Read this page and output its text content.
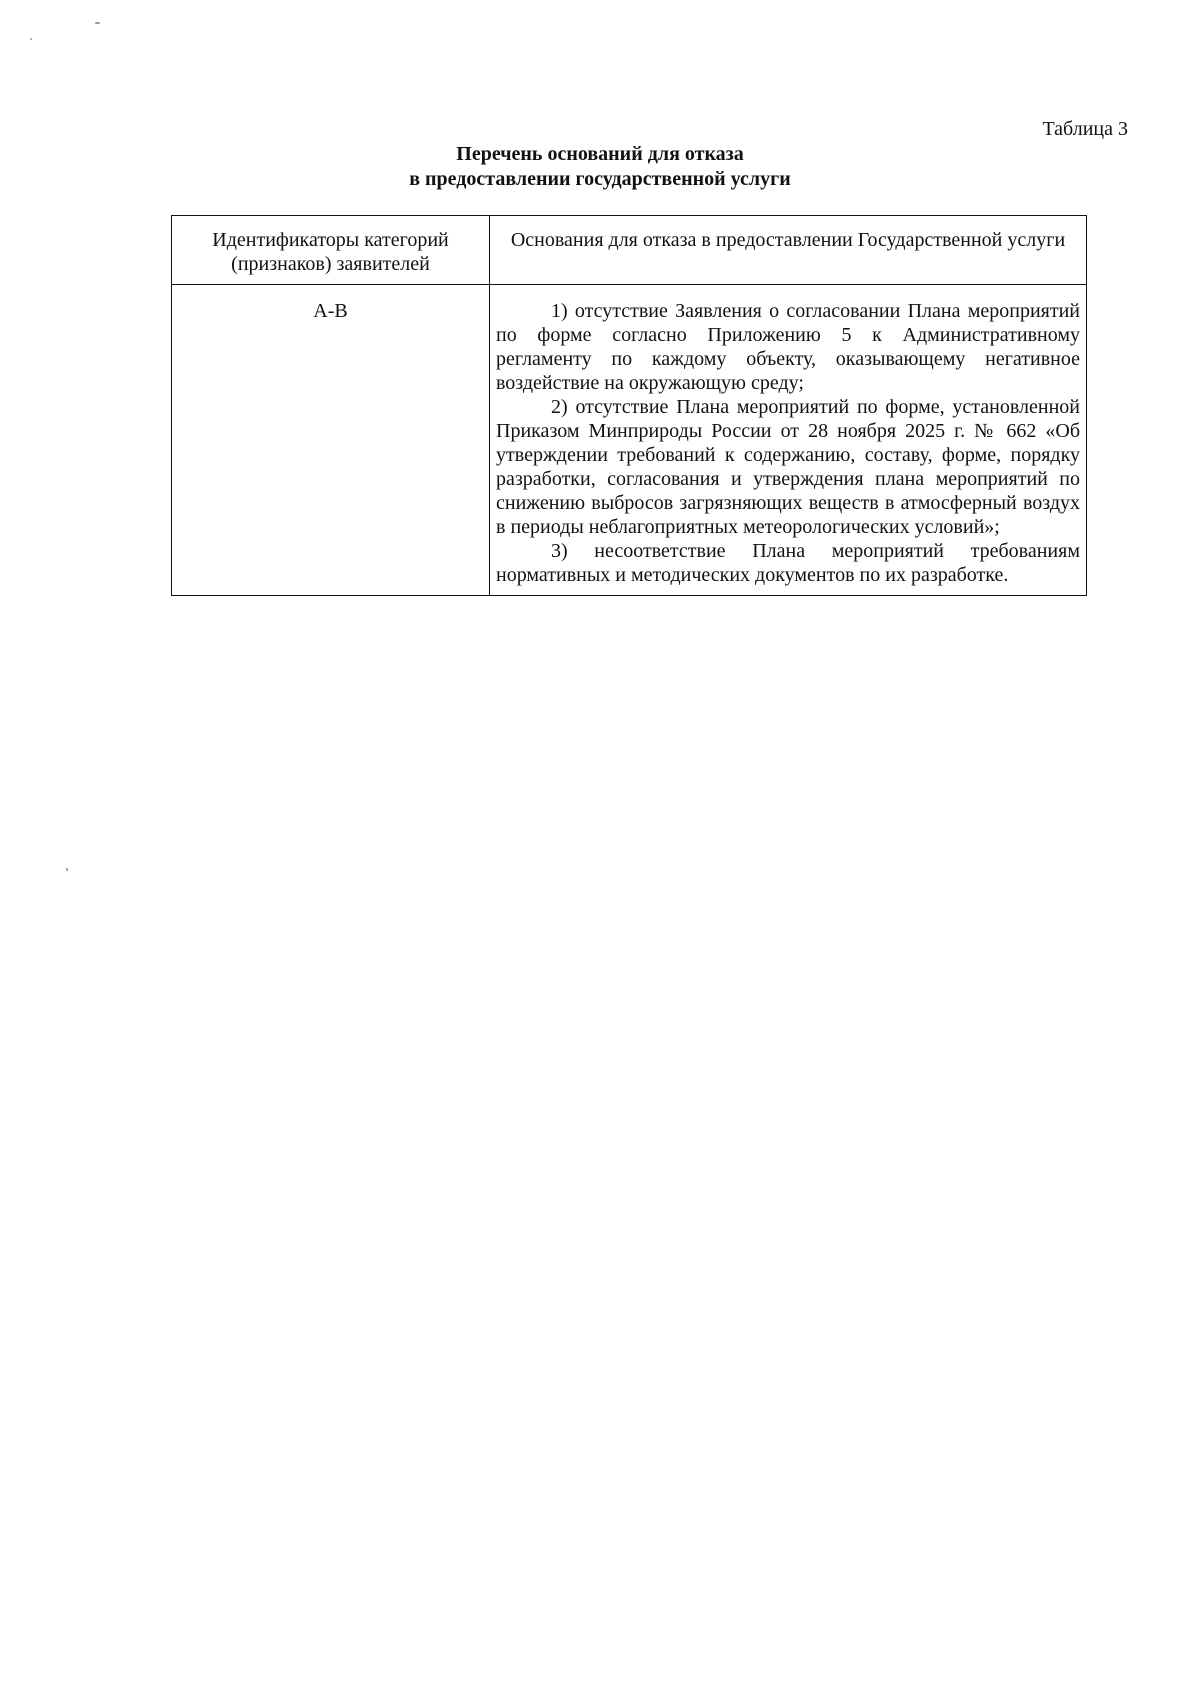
Таблица 3
Перечень оснований для отказа
в предоставлении государственной услуги
Идентификаторы категорий (признаков) заявителей	Основания для отказа в предоставлении Государственной услуги
А-В	1) отсутствие Заявления о согласовании Плана мероприятий по форме согласно Приложению 5 к Административному регламенту по каждому объекту, оказывающему негативное воздействие на окружающую среду;

2) отсутствие Плана мероприятий по форме, установленной Приказом Минприроды России от 28 ноября 2025 г. № 662 «Об утверждении требований к содержанию, составу, форме, порядку разработки, согласования и утверждения плана мероприятий по снижению выбросов загрязняющих веществ в атмосферный воздух в периоды неблагоприятных метеорологических условий»;

3) несоответствие Плана мероприятий требованиям нормативных и методических документов по их разработке.
